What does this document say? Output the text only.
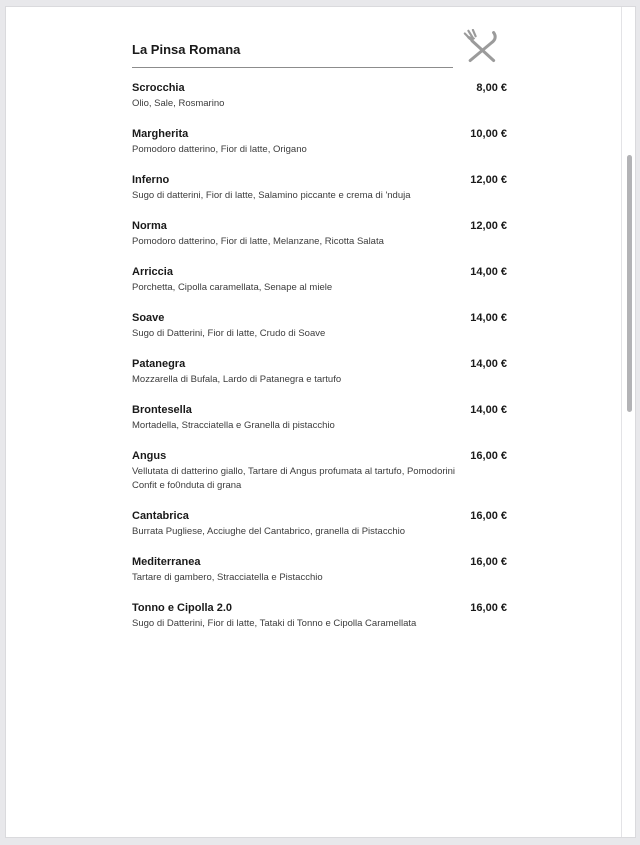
La Pinsa Romana
Scrocchia	8,00 €
Olio, Sale, Rosmarino
Margherita	10,00 €
Pomodoro datterino, Fior di latte, Origano
Inferno	12,00 €
Sugo di datterini, Fior di latte, Salamino piccante e crema di 'nduja
Norma	12,00 €
Pomodoro datterino, Fior di latte, Melanzane, Ricotta Salata
Arriccia	14,00 €
Porchetta, Cipolla caramellata, Senape al miele
Soave	14,00 €
Sugo di Datterini, Fior di latte, Crudo di Soave
Patanegra	14,00 €
Mozzarella di Bufala, Lardo di Patanegra e tartufo
Brontesella	14,00 €
Mortadella, Stracciatella e Granella di pistacchio
Angus	16,00 €
Vellutata di datterino giallo, Tartare di Angus profumata al tartufo, Pomodorini Confit e fo0nduta di grana
Cantabrica	16,00 €
Burrata Pugliese, Acciughe del Cantabrico, granella di Pistacchio
Mediterranea	16,00 €
Tartare di gambero, Stracciatella e Pistacchio
Tonno e Cipolla 2.0	16,00 €
Sugo di Datterini, Fior di latte, Tataki di Tonno e Cipolla Caramellata
